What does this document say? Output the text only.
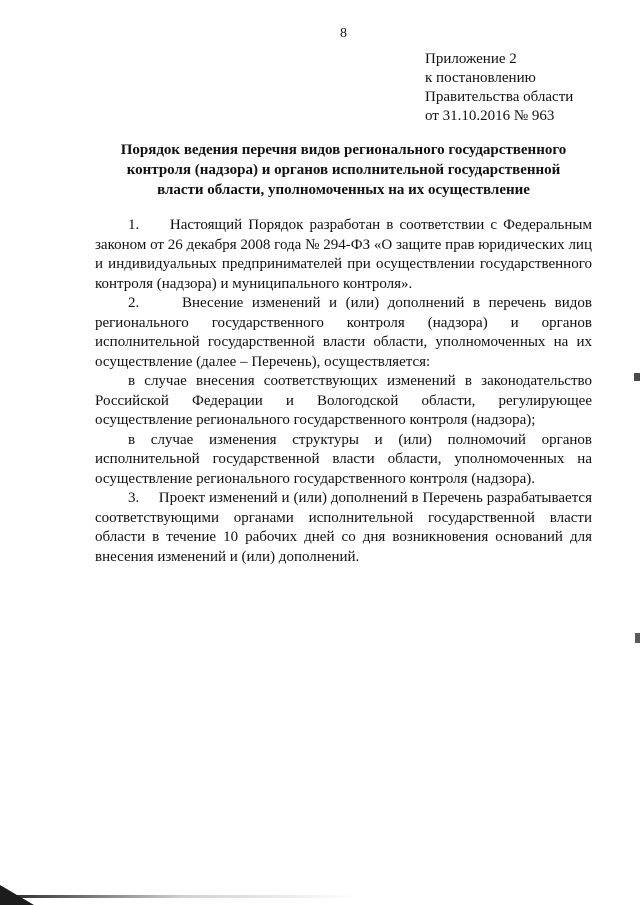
8
Приложение 2
к постановлению
Правительства области
от 31.10.2016 № 963
Порядок ведения перечня видов регионального государственного контроля (надзора) и органов исполнительной государственной власти области, уполномоченных на их осуществление

1.     Настоящий Порядок разработан в соответствии с Федеральным законом от 26 декабря 2008 года № 294-ФЗ «О защите прав юридических лиц и индивидуальных предпринимателей при осуществлении государственного контроля (надзора) и муниципального контроля».

2.     Внесение изменений и (или) дополнений в перечень видов регионального государственного контроля (надзора) и органов исполнительной государственной власти области, уполномоченных на их осуществление (далее – Перечень), осуществляется:

в случае внесения соответствующих изменений в законодательство Российской Федерации и Вологодской области, регулирующее осуществление регионального государственного контроля (надзора);

в случае изменения структуры и (или) полномочий органов исполнительной государственной власти области, уполномоченных на осуществление регионального государственного контроля (надзора).

3.     Проект изменений и (или) дополнений в Перечень разрабатывается соответствующими органами исполнительной государственной власти области в течение 10 рабочих дней со дня возникновения оснований для внесения изменений и (или) дополнений.
